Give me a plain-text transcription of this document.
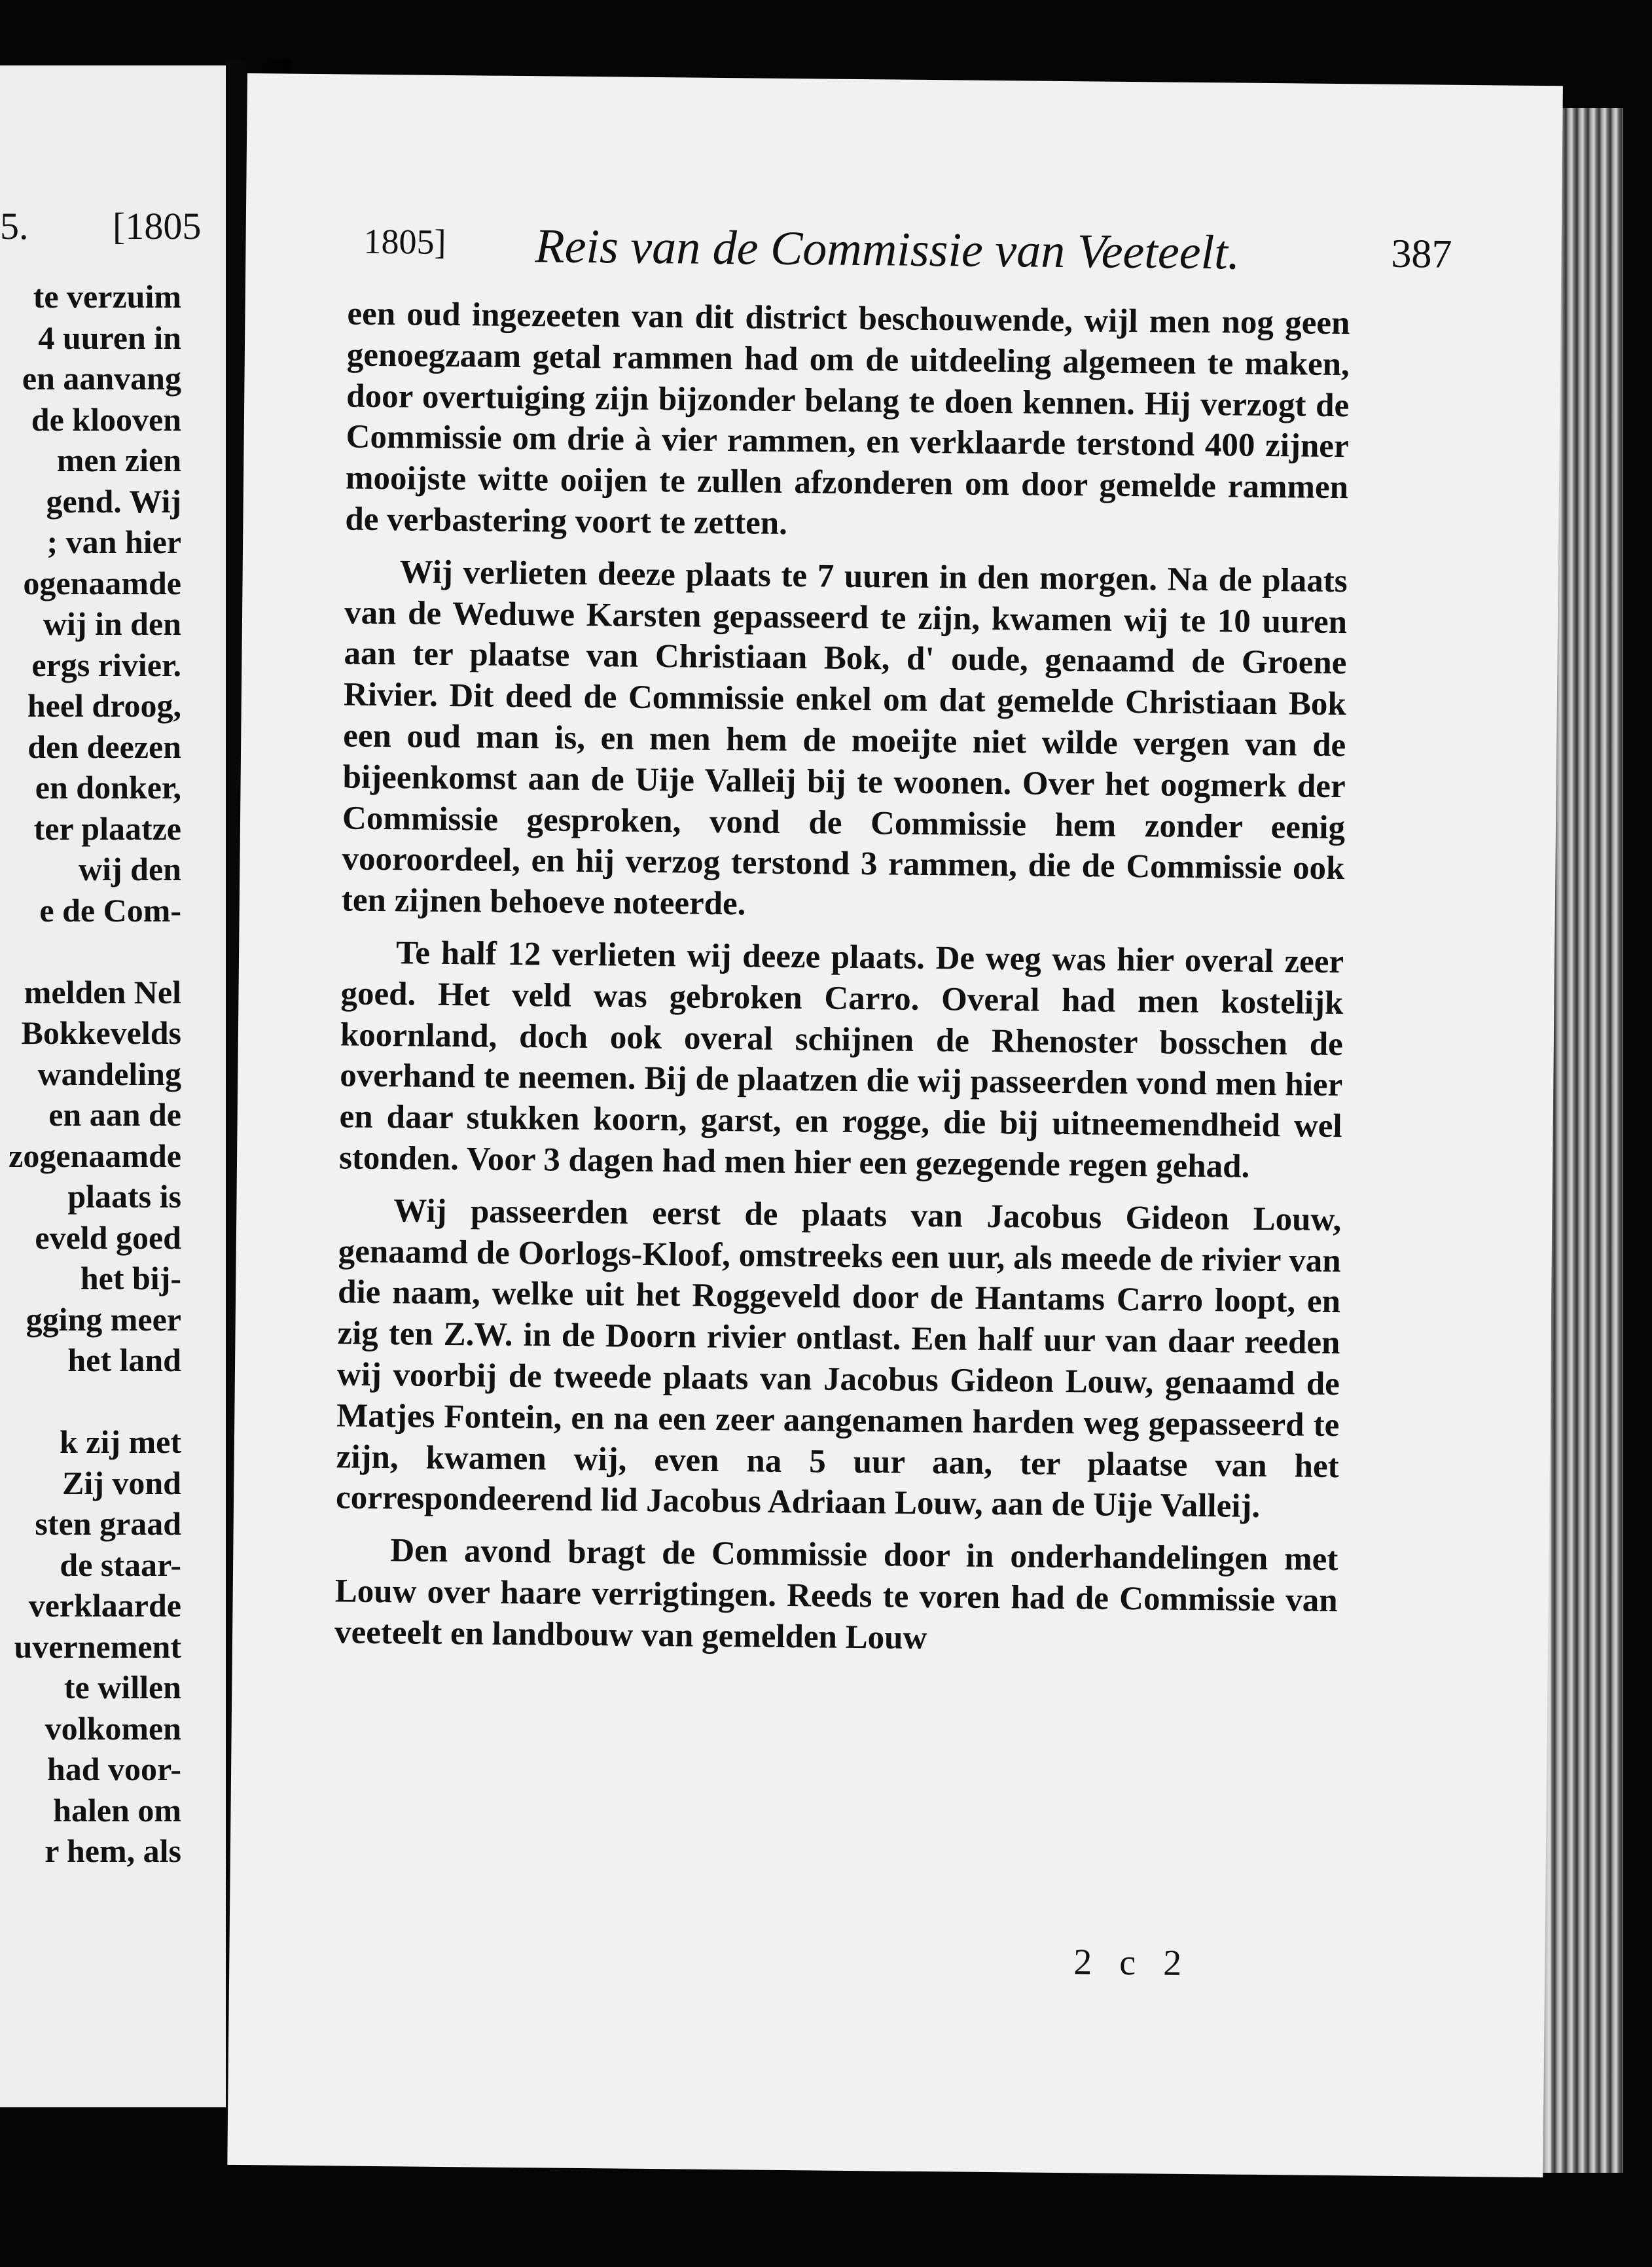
5. [1805
te verzuim
4 uuren in
en aanvang
de klooven
men zien
gend. Wij
; van hier
ogenaamde
wij in den
ergs rivier.
heel droog,
den deezen
en donker,
ter plaatze
wij den
e de Com-
melden Nel
Bokkevelds
wandeling
en aan de
zogenaamde
plaats is
eveld goed
het bij-
gging meer
het land
k zij met
Zij vond
sten graad
de staar-
verklaarde
uvernement
te willen
volkomen
had voor-
halen om
r hem, als
1805] Reis van de Commissie van Veeteelt.	387

een oud ingezeeten van dit district beschouwende, wijl men nog geen genoegzaam getal rammen had om de uitdeeling algemeen te maken, door overtuiging zijn bijzonder belang te doen kennen. Hij verzogt de Commissie om drie à vier rammen, en verklaarde terstond 400 zijner mooijste witte ooijen te zullen afzonderen om door gemelde rammen de verbastering voort te zetten.

Wij verlieten deeze plaats te 7 uuren in den morgen. Na de plaats van de Weduwe Karsten gepasseerd te zijn, kwamen wij te 10 uuren aan ter plaatse van Christiaan Bok, d' oude, genaamd de Groene Rivier. Dit deed de Commissie enkel om dat gemelde Christiaan Bok een oud man is, en men hem de moeijte niet wilde vergen van de bijeenkomst aan de Uije Valleij bij te woonen. Over het oogmerk der Commissie gesproken, vond de Commissie hem zonder eenig vooroordeel, en hij verzog terstond 3 rammen, die de Commissie ook ten zijnen behoeve noteerde.

Te half 12 verlieten wij deeze plaats. De weg was hier overal zeer goed. Het veld was gebroken Carro. Overal had men kostelijk koornland, doch ook overal schijnen de Rhenoster bosschen de overhand te neemen. Bij de plaatzen die wij passeerden vond men hier en daar stukken koorn, garst, en rogge, die bij uitneemendheid wel stonden. Voor 3 dagen had men hier een gezegende regen gehad.

Wij passeerden eerst de plaats van Jacobus Gideon Louw, genaamd de Oorlogs-Kloof, omstreeks een uur, als meede de rivier van die naam, welke uit het Roggeveld door de Hantams Carro loopt, en zig ten Z.W. in de Doorn rivier ontlast. Een half uur van daar reeden wij voorbij de tweede plaats van Jacobus Gideon Louw, genaamd de Matjes Fontein, en na een zeer aangenamen harden weg gepasseerd te zijn, kwamen wij, even na 5 uur aan, ter plaatse van het correspondeerend lid Jacobus Adriaan Louw, aan de Uije Valleij.

Den avond bragt de Commissie door in onderhandelingen met Louw over haare verrigtingen. Reeds te voren had de Commissie van veeteelt en landbouw van gemelden Louw

2 c 2
